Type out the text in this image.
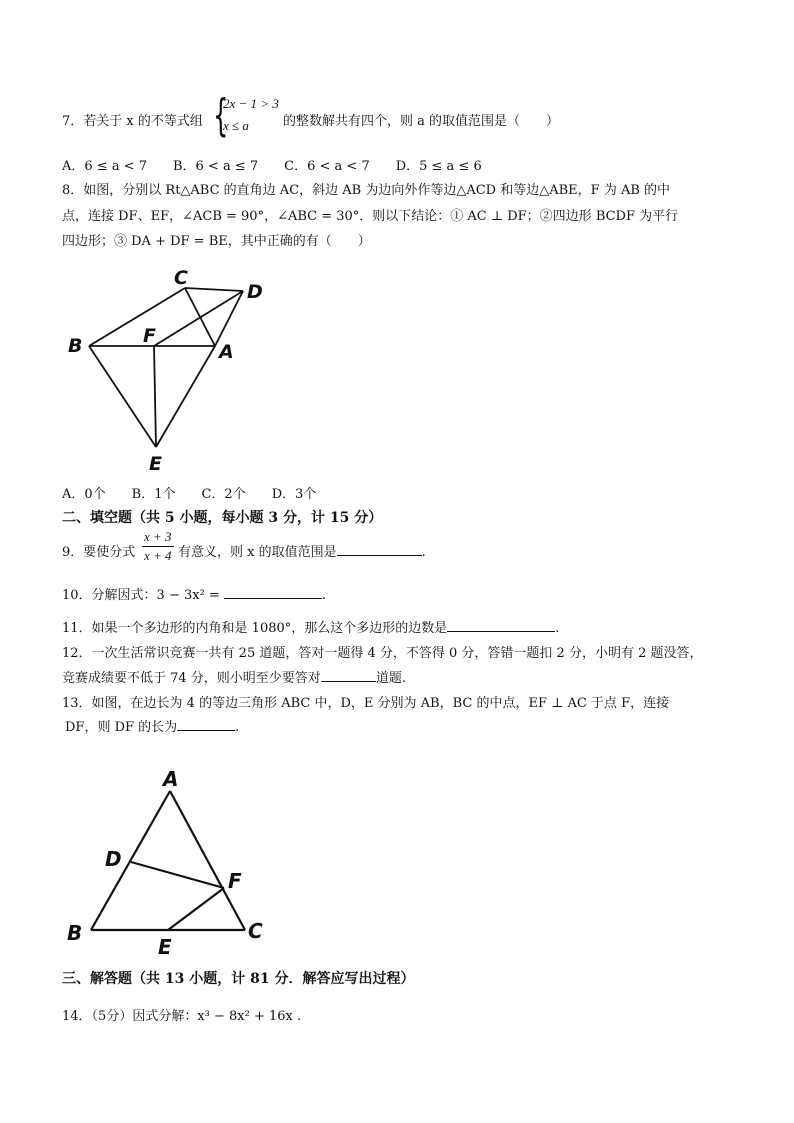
7．若关于 x 的不等式组 {
2x − 1 > 3
x ≤ a	的整数解共有四个，则 a 的取值范围是（　　）
A．6 ≤ a < 7　　B．6 < a ≤ 7　　C．6 < a < 7　　D．5 ≤ a ≤ 6
8．如图，分别以 Rt△ABC 的直角边 AC，斜边 AB 为边向外作等边△ACD 和等边△ABE，F 为 AB 的中
点，连接 DF、EF，∠ACB = 90°，∠ABC = 30°．则以下结论：① AC ⊥ DF；②四边形 BCDF 为平行
四边形；③ DA + DF = BE，其中正确的有（　　）
C
D
B	F
A
E
A．0个　　B．1个　　C．2个　　D．3个
二、填空题（共 5 小题，每小题 3 分，计 15 分）
9．要使分式
x + 3
x + 4 有意义，则 x 的取值范围是	.
10．分解因式：3 − 3x² =	.
11．如果一个多边形的内角和是 1080°，那么这个多边形的边数是	.
12．一次生活常识竞赛一共有 25 道题，答对一题得 4 分，不答得 0 分，答错一题扣 2 分，小明有 2 题没答，
竞赛成绩要不低于 74 分，则小明至少要答对	道题.
13．如图，在边长为 4 的等边三角形 ABC 中，D，E 分别为 AB，BC 的中点，EF ⊥ AC 于点 F，连接
DF，则 DF 的长为	.
A
D
F
B
E
C
三、解答题（共 13 小题，计 81 分．解答应写出过程）
14．（5分）因式分解：x³ − 8x² + 16x .
